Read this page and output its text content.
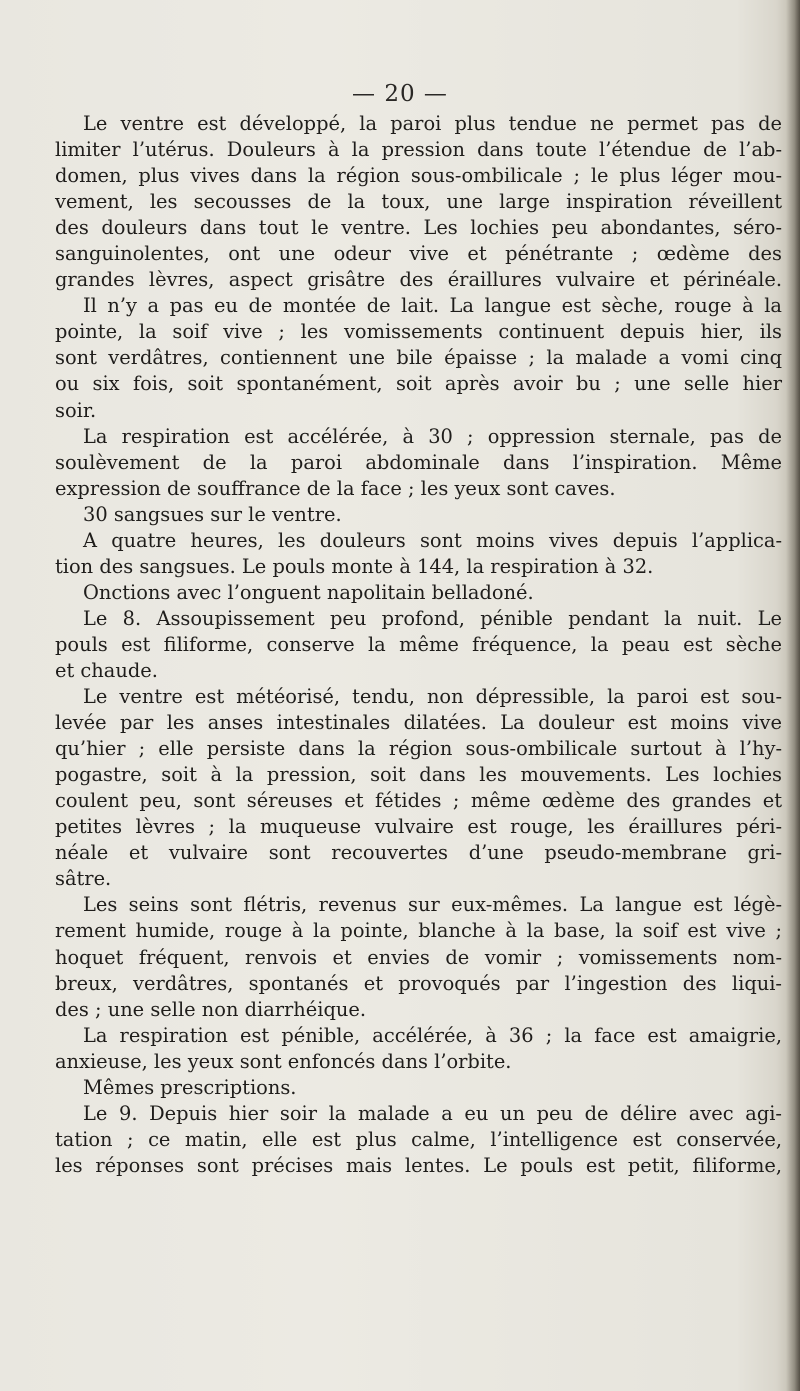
— 20 —
Le ventre est développé, la paroi plus tendue ne permet pas de
limiter l’utérus. Douleurs à la pression dans toute l’étendue de l’ab-
domen, plus vives dans la région sous-ombilicale ; le plus léger mou-
vement, les secousses de la toux, une large inspiration réveillent
des douleurs dans tout le ventre. Les lochies peu abondantes, séro-
sanguinolentes, ont une odeur vive et pénétrante ; œdème des
grandes lèvres, aspect grisâtre des éraillures vulvaire et périnéale.
Il n’y a pas eu de montée de lait. La langue est sèche, rouge à la
pointe, la soif vive ; les vomissements continuent depuis hier, ils
sont verdâtres, contiennent une bile épaisse ; la malade a vomi cinq
ou six fois, soit spontanément, soit après avoir bu ; une selle hier
soir.
La respiration est accélérée, à 30 ; oppression sternale, pas de
soulèvement de la paroi abdominale dans l’inspiration. Même
expression de souffrance de la face ; les yeux sont caves.
30 sangsues sur le ventre.
A quatre heures, les douleurs sont moins vives depuis l’applica-
tion des sangsues. Le pouls monte à 144, la respiration à 32.
Onctions avec l’onguent napolitain belladoné.
Le 8. Assoupissement peu profond, pénible pendant la nuit. Le
pouls est filiforme, conserve la même fréquence, la peau est sèche
et chaude.
Le ventre est météorisé, tendu, non dépressible, la paroi est sou-
levée par les anses intestinales dilatées. La douleur est moins vive
qu’hier ; elle persiste dans la région sous-ombilicale surtout à l’hy-
pogastre, soit à la pression, soit dans les mouvements. Les lochies
coulent peu, sont séreuses et fétides ; même œdème des grandes et
petites lèvres ; la muqueuse vulvaire est rouge, les éraillures péri-
néale et vulvaire sont recouvertes d’une pseudo-membrane gri-
sâtre.
Les seins sont flétris, revenus sur eux-mêmes. La langue est légè-
rement humide, rouge à la pointe, blanche à la base, la soif est vive ;
hoquet fréquent, renvois et envies de vomir ; vomissements nom-
breux, verdâtres, spontanés et provoqués par l’ingestion des liqui-
des ; une selle non diarrhéique.
La respiration est pénible, accélérée, à 36 ; la face est amaigrie,
anxieuse, les yeux sont enfoncés dans l’orbite.
Mêmes prescriptions.
Le 9. Depuis hier soir la malade a eu un peu de délire avec agi-
tation ; ce matin, elle est plus calme, l’intelligence est conservée,
les réponses sont précises mais lentes. Le pouls est petit, filiforme,
